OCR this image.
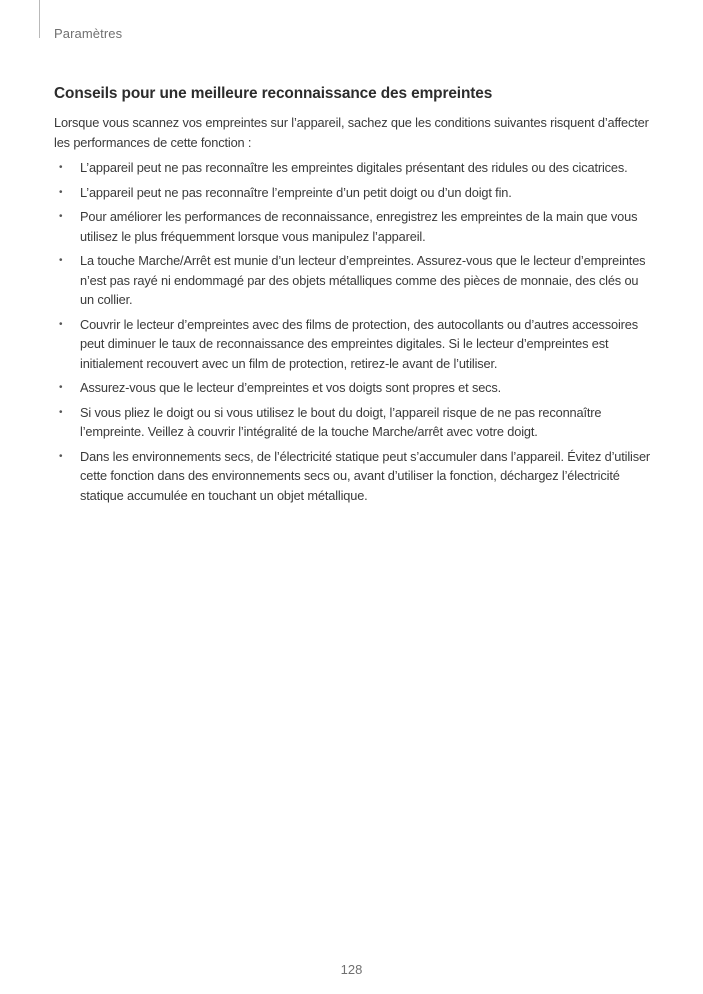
Paramètres
Conseils pour une meilleure reconnaissance des empreintes

Lorsque vous scannez vos empreintes sur l’appareil, sachez que les conditions suivantes risquent d’affecter les performances de cette fonction :

• L’appareil peut ne pas reconnaître les empreintes digitales présentant des ridules ou des cicatrices.
• L’appareil peut ne pas reconnaître l’empreinte d’un petit doigt ou d’un doigt fin.
• Pour améliorer les performances de reconnaissance, enregistrez les empreintes de la main que vous utilisez le plus fréquemment lorsque vous manipulez l’appareil.
• La touche Marche/Arrêt est munie d’un lecteur d’empreintes. Assurez-vous que le lecteur d’empreintes n’est pas rayé ni endommagé par des objets métalliques comme des pièces de monnaie, des clés ou un collier.
• Couvrir le lecteur d’empreintes avec des films de protection, des autocollants ou d’autres accessoires peut diminuer le taux de reconnaissance des empreintes digitales. Si le lecteur d’empreintes est initialement recouvert avec un film de protection, retirez-le avant de l’utiliser.
• Assurez-vous que le lecteur d’empreintes et vos doigts sont propres et secs.
• Si vous pliez le doigt ou si vous utilisez le bout du doigt, l’appareil risque de ne pas reconnaître l’empreinte. Veillez à couvrir l’intégralité de la touche Marche/arrêt avec votre doigt.
• Dans les environnements secs, de l’électricité statique peut s’accumuler dans l’appareil. Évitez d’utiliser cette fonction dans des environnements secs ou, avant d’utiliser la fonction, déchargez l’électricité statique accumulée en touchant un objet métallique.
128
